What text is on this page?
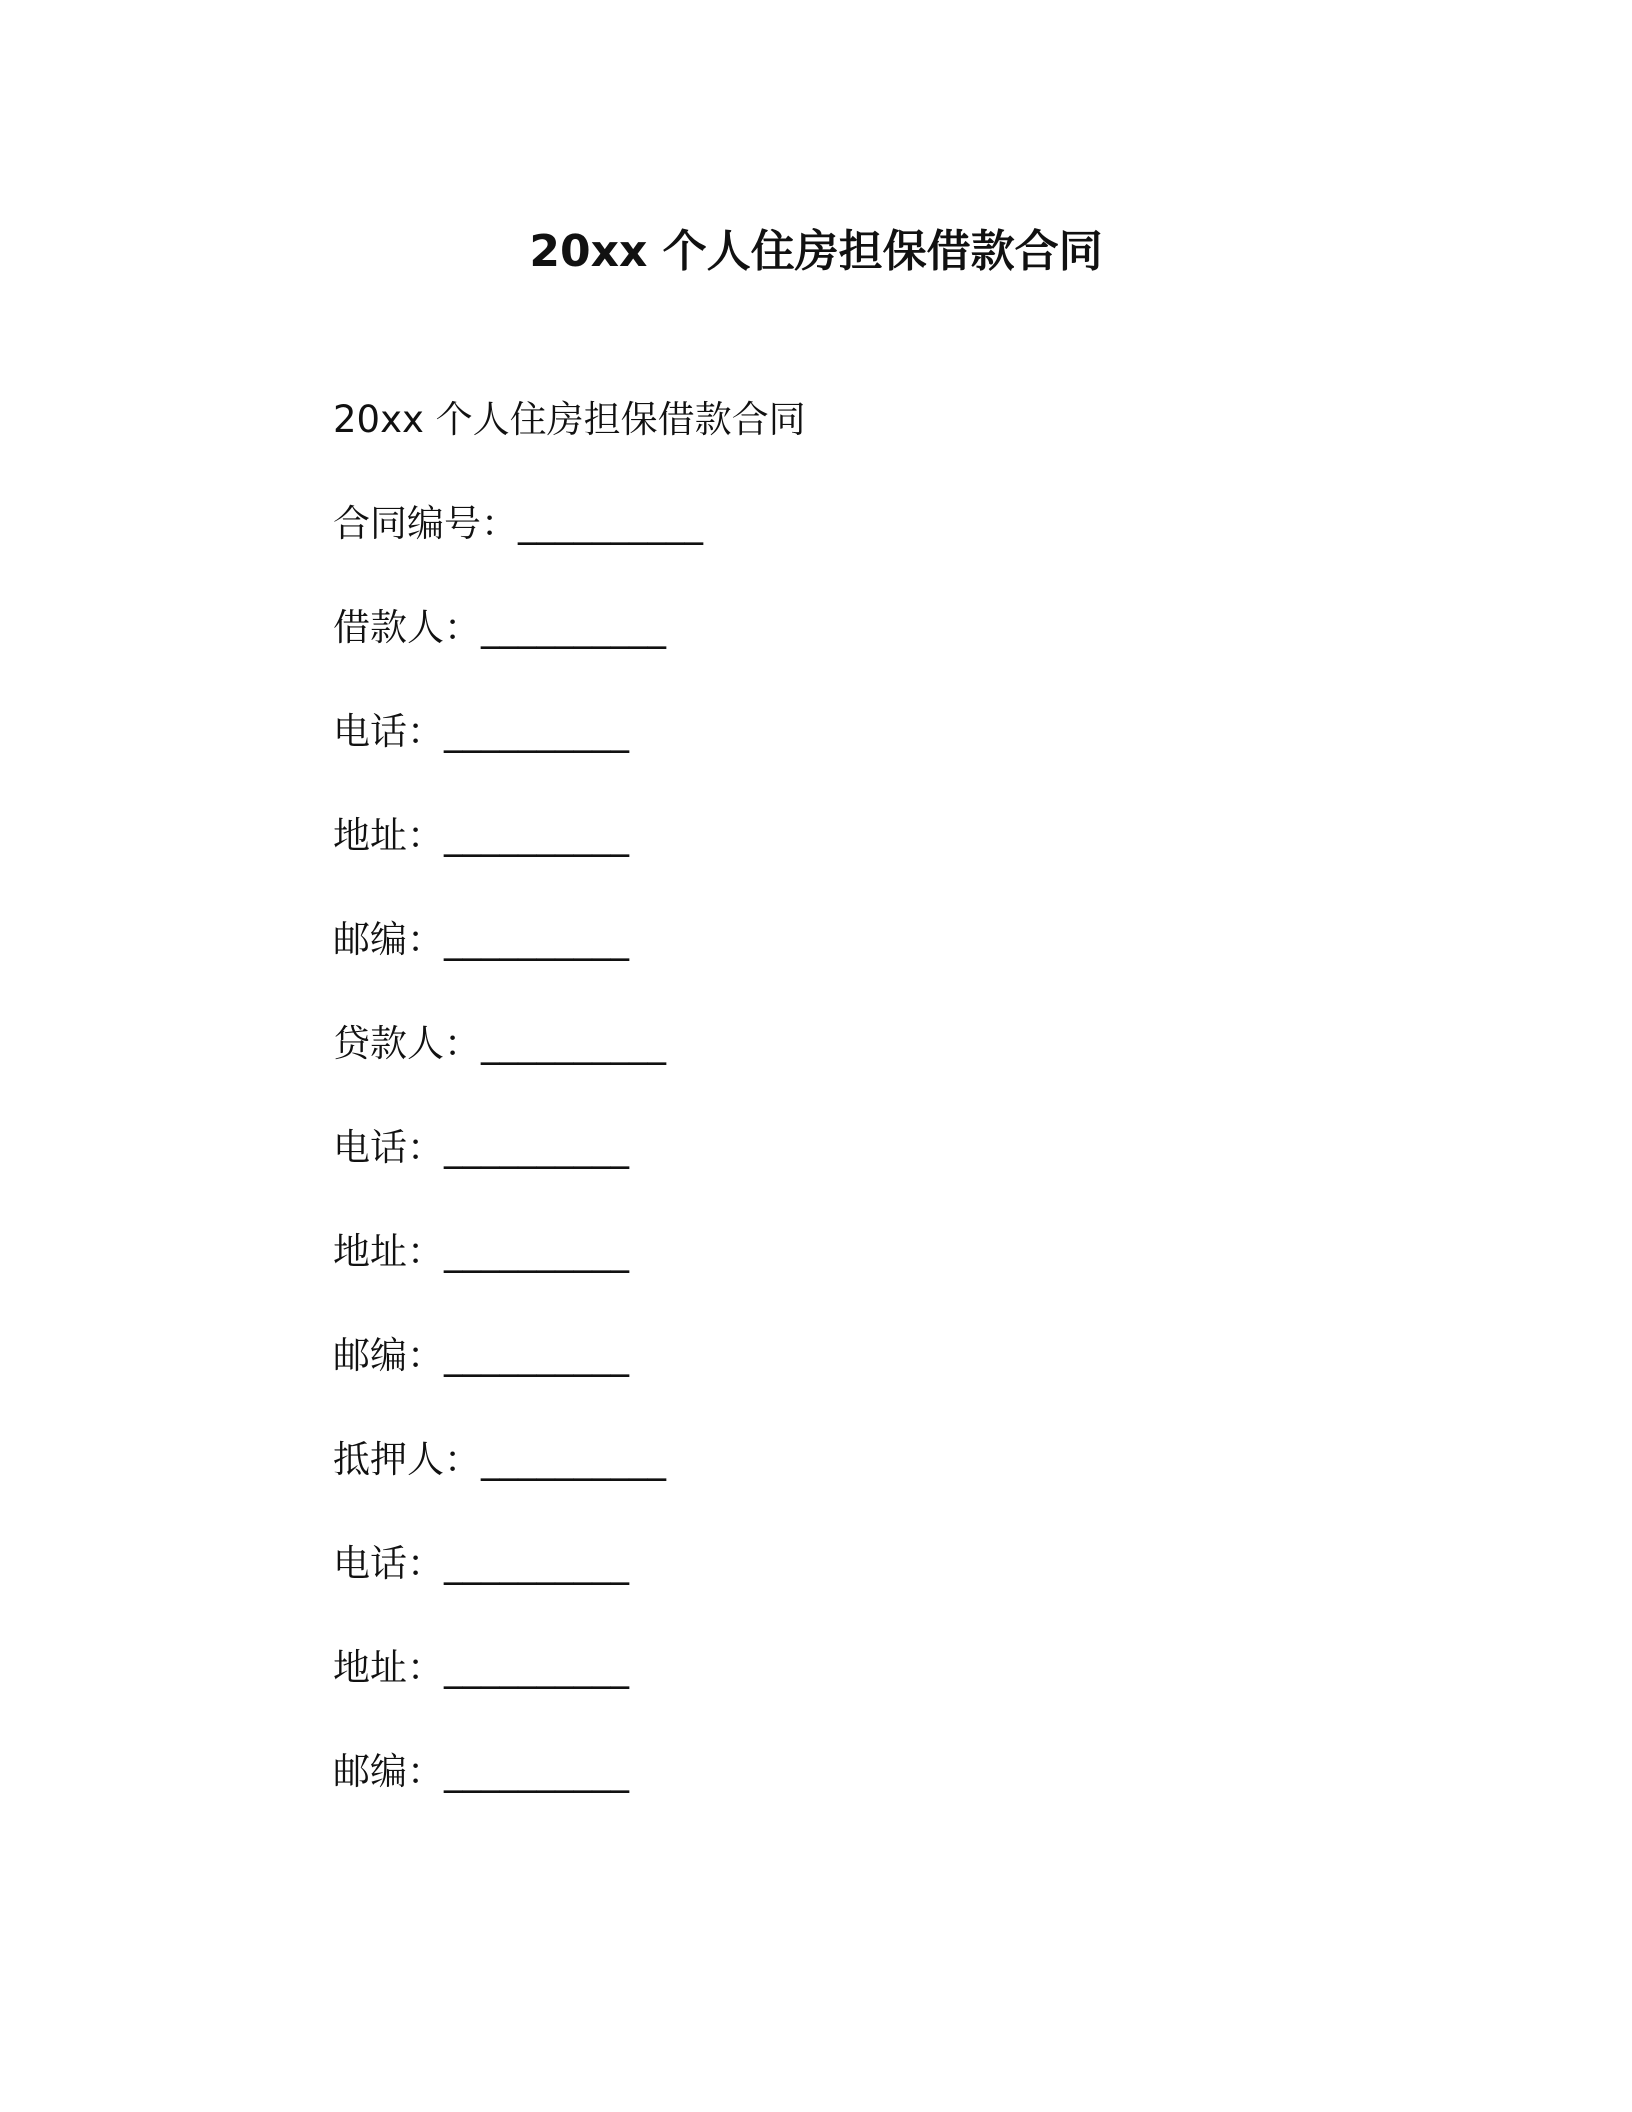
20xx 个人住房担保借款合同

20xx 个人住房担保借款合同

合同编号：__________
借款人：__________
电话：__________
地址：__________
邮编：__________
贷款人：__________
电话：__________
地址：__________
邮编：__________
抵押人：__________
电话：__________
地址：__________
邮编：__________
